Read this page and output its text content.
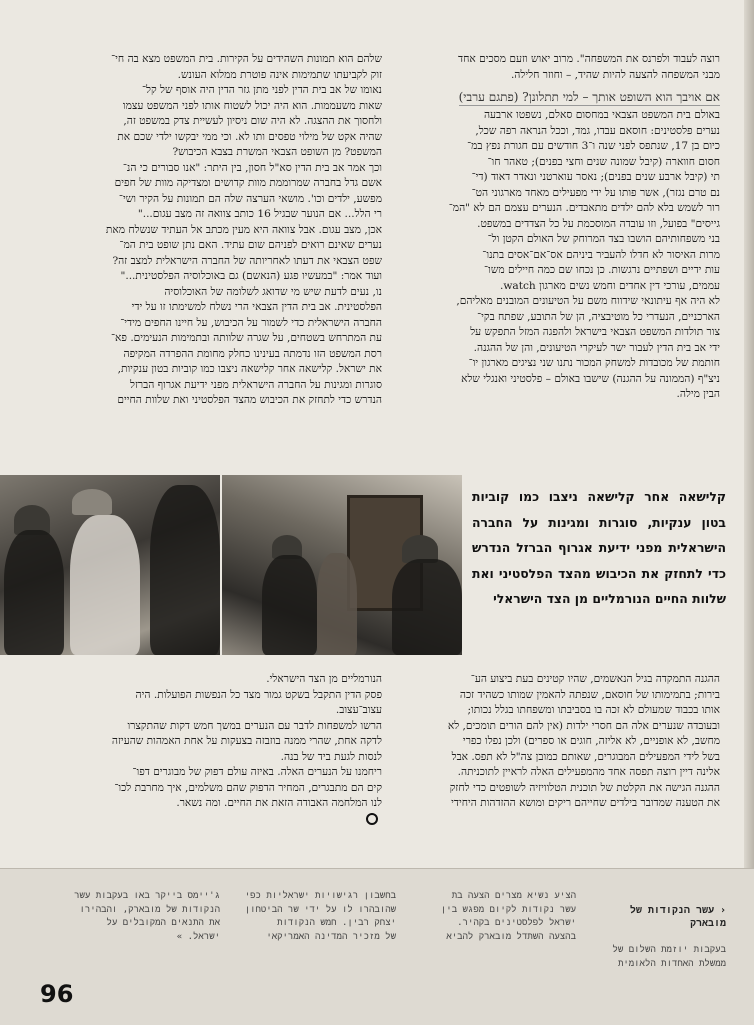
רוצה לעבוד ולפרנס את המשפחה". מרוב יאוש וזעם מסכים אחד
מבני המשפחה להצעה להיות שהיד, – וחוזר חלילה.

אם אויבך הוא השופט אותך – למי תתלונן? (פתגם ערבי)

באולם בית המשפט הצבאי במחסום סאלם, נשפטו ארבעה
נערים פלסטינים: חוסאם עבדו, גמד, וככל הנראה רפה שכל,
כיום בן 17, שנתפס לפני שנה ו־3 חודשים עם חגורת נפץ במ־
חסום חווארה (קיבל שמונה שנים וחצי בפנים); טאהר חו־
תי (קיבל ארבע שנים בפנים); נאסר עוארטני ונאדר דאוד (די־
נם טרם נגזר), אשר פותו על ידי מפעילים מאחד מארגוני הט־
רור לשמש בלא להם ילדים מתאבדים. הנערים עצמם הם לא "המ־
גייסים" בפועל, וזו עובדה המוסכמת על כל הצדדים במשפט.
בני משפחותיהם הושבו בצד המרוחק של האולם הקטן ול־
מרות האיסור לא חדלו להעביר ביניהם אס־אם־אסים בתנו־
עות ידיים ושפתיים נרגשות. כן נכחו שם כמה חיילים משו־
עממים, עורכי דין אחדים וחמש נשים מארגון watch.
לא היה אף עיתונאי שידווח משם על הטיעונים המובנים מאליהם,
הארכניים, הנעדרי כל מוטיבציה, הן של התובע, שפתח בקי־
צור תולדות המשפט הצבאי בישראל ולהפגה המזל התפקש על
ידי אב בית הדין לעבור ישר לעיקרי הטיעונים, והן של ההגנה.
חותמת של מכובדות למשחק המכור נתנו שני נציגים מארגון יו־
ניצ"ף (הממונה על ההגנה) שישבו באולם – פלסטיני ואנגלי שלא
הבין מילה.

שלהם הוא תמונות השהידים על הקירות. בית המשפט מצא בה חי־
זוק לקביעתו שתמימות אינה פוטרת ממלוא העונש.
נאומו של אב בית הדין לפני מתן גזר הדין היה אוסף של קל־
שאות משעממות. הוא היה יכול לשטוח אותו לפני המשפט עצמו
ולחסוך את ההצגה. לא היה שום ניסיון לעשיית צדק במשפט זה,
שהיה אקט של מילוי טפסים ותו לא. וכי ממי יבקשו ילדי שכם את
המשפט? מן השופט הצבאי המשרת בצבא הכיבוש?
וכך אמר אב בית הדין סא"ל חסון, בין היתר: "אנו סבורים כי הנ־
אשם גדל בחברה שמרוממת מוות קדושים ומצדיקה מוות של חפים
מפשע, ילדים וכו'. מושאי הערצה שלה הם תמונות על הקיר ושי־
רי הלל... אם הנוער שבגיל 16 כותב צוואה זה מצב עגום..."
אכן, מצב עגום. אבל צוואה היא מעין מכתב אל העתיד שנשלח מאת
נערים שאינם רואים לפניהם שום עתיד. האם נתן שופט בית המ־
שפט הצבאי את דעתו לאחריותה של החברה הישראלית למצב זה?
ועוד אמר: "במעשיו פגע (הנאשם) גם באוכלוסיה הפלסטינית..."
נו, נעים לדעת שיש מי שדואג לשלומה של האוכלוסיה
הפלסטינית. אב בית הדין הצבאי הרי נשלח למשימתו זו על ידי
החברה הישראלית כדי לשמור על הכיבוש, על חיינו החפים מידי־
עת המתרחש בשטחים, על שגרה שלוותה ובתמימות הנעימים. פא־
רסת המשפט הזו נדמתה בעינינו כחלק מחומת ההפרדה המקיפה
את ישראל. קלישאה אחר קלישאה ניצבו כמו קוביות בטון ענקיות,
סוגרות ומגינות על החברה הישראלית מפני ידיעת אגרוף הברזל
הנדרש כדי לתחזק את הכיבוש מהצד הפלסטיני ואת שלוות החיים

קלישאה אחר קלישאה ניצבו כמו קוביות בטון ענקיות, סוגרות ומגינות על החברה הישראלית מפני ידיעת אגרוף הברזל הנדרש כדי לתחזק את הכיבוש מהצד הפלסטיני ואת שלוות החיים הנורמליים מן הצד הישראלי

ההגנה התמקדה בגיל הנאשמים, שהיו קטינים בעת ביצוע הע־
בירות; בתמימותו של חוסאם, שנפתה להאמין שמותו כשהיד זכה
אותו בכבוד שמעולם לא זכה בו בסביבתו ומשפחתו בגלל נכותו;
ובעובדה שנערים אלה הם חסרי ילדות (אין להם הורים תומכים, לא
מחשב, לא אופניים, לא אליזה, חוגים או ספרים) ולכן נפלו כפרי
בשל לידי המפעילים המבוגרים, שאותם כמובן צה"ל לא תפס. אבל
אלינה דיין רוצה תפסה אחד מהמפעילים האלה לראיין לתוכניתה.
ההגנה הגישה את הקלטת של תוכנית הטלוויזיה לשופטים כדי לחזק
את הטענה שמדובר בילדים שחייהם ריקים ומושא ההזדהות היחידי

הנורמליים מן הצד הישראלי.
פסק הדין התקבל בשקט גמור מצד כל הנפשות הפועלות. היה
עצוב־עצוב.
הרשו למשפחות לדבר עם הנערים במשך חמש דקות שהתקצרו
לדקה אחת, שהרי ממנה בוזבזה בצעקות על אחת האמהות שהעיזה
לנסות לגעת ביד של בנה.
ריחמנו על הנערים האלה. באיזה עולם דפוק של מבוגרים דפו־
קים הם מתבגרים, המחיר הדפוק שהם משלמים, איך מחרבת לכו־
לנו המלחמה האבודה הזאת את החיים. ומה נשאר.

‹ עשר הנקודות של מובארק

בעקבות יוזמת השלום של
ממשלת האחדות הלאומית

הציע נשיא מצרים הצעה בת
עשר נקודות לקיום מפגש בין
ישראל לפלסטינים בקהיר.
בהצעה השתדל מובארק להביא
בחשבון רגישויות ישראליות כפי
שהובהרו לו על ידי שר הביטחון
יצחק רבין. חמש הנקודות
של מזכיר המדינה האמריקאי
ג'יימס בייקר באו בעקבות עשר
הנקודות של מובארק, והבהירו
את התנאים המקובלים על
ישראל. »
96
